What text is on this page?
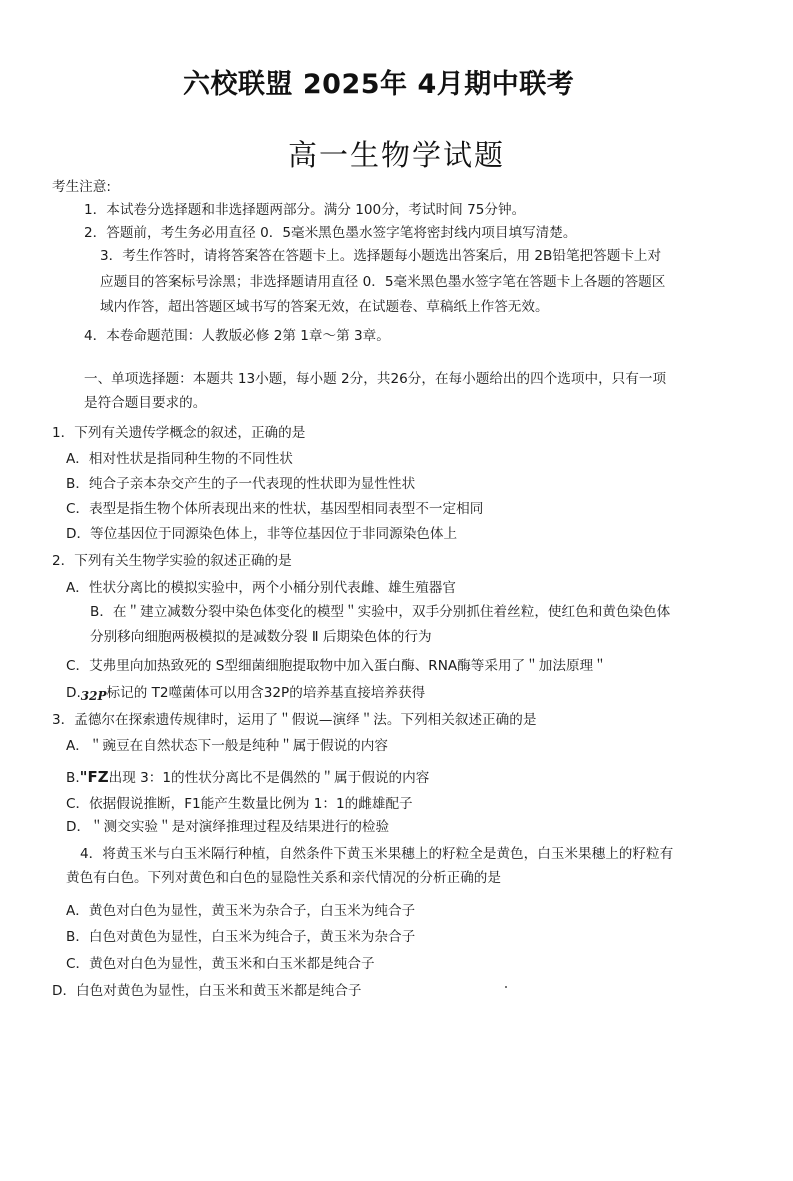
六校联盟 2025年 4月期中联考
高一生物学试题
考生注意:
1．本试卷分选择题和非选择题两部分。满分 100分，考试时间 75分钟。
2．答题前，考生务必用直径 0．5毫米黑色墨水签字笔将密封线内项目填写清楚。
3．考生作答时，请将答案答在答题卡上。选择题每小题选出答案后，用 2B铅笔把答题卡上对
应题目的答案标号涂黑；非选择题请用直径 0．5毫米黑色墨水签字笔在答题卡上各题的答题区
域内作答，超出答题区域书写的答案无效，在试题卷、草稿纸上作答无效。
4．本卷命题范围：人教版必修 2第 1章～第 3章。
一、单项选择题：本题共 13小题，每小题 2分，共26分，在每小题给出的四个选项中，只有一项
是符合题目要求的。
1．下列有关遗传学概念的叙述，正确的是
A．相对性状是指同种生物的不同性状
B．纯合子亲本杂交产生的子一代表现的性状即为显性性状
C．表型是指生物个体所表现出来的性状，基因型相同表型不一定相同
D．等位基因位于同源染色体上，非等位基因位于非同源染色体上
2．下列有关生物学实验的叙述正确的是
A．性状分离比的模拟实验中，两个小桶分别代表雌、雄生殖器官
B．在＂建立减数分裂中染色体变化的模型＂实验中，双手分别抓住着丝粒，使红色和黄色染色体
分别移向细胞两极模拟的是减数分裂 Ⅱ 后期染色体的行为
C．艾弗里向加热致死的 S型细菌细胞提取物中加入蛋白酶、RNA酶等采用了＂加法原理＂
D.32P标记的 T2噬菌体可以用含32P的培养基直接培养获得
3．孟德尔在探索遗传规律时，运用了＂假说—演绎＂法。下列相关叙述正确的是
A．＂豌豆在自然状态下一般是纯种＂属于假说的内容
B."FZ出现 3：1的性状分离比不是偶然的＂属于假说的内容
C．依据假说推断，F1能产生数量比例为 1：1的雌雄配子
D．＂测交实验＂是对演绎推理过程及结果进行的检验
4．将黄玉米与白玉米隔行种植，自然条件下黄玉米果穗上的籽粒全是黄色，白玉米果穗上的籽粒有
黄色有白色。下列对黄色和白色的显隐性关系和亲代情况的分析正确的是
A．黄色对白色为显性，黄玉米为杂合子，白玉米为纯合子
B．白色对黄色为显性，白玉米为纯合子，黄玉米为杂合子
C．黄色对白色为显性，黄玉米和白玉米都是纯合子
D．白色对黄色为显性，白玉米和黄玉米都是纯合子
